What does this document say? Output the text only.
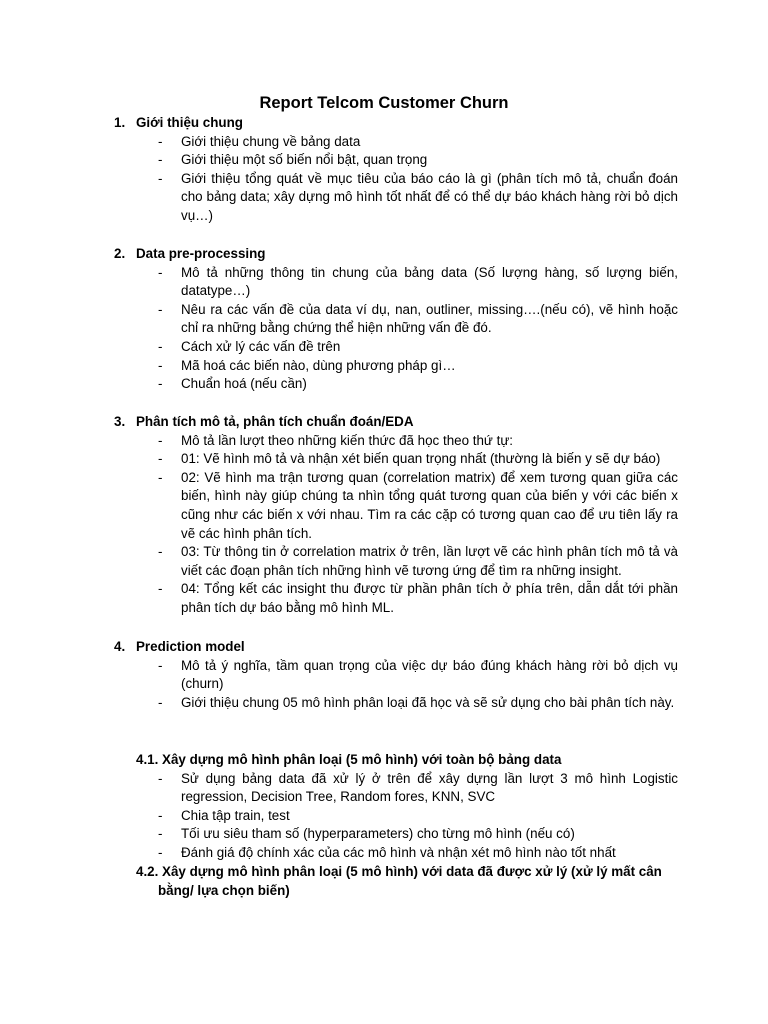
Report Telcom Customer Churn
1. Giới thiệu chung
- Giới thiệu chung về bảng data
- Giới thiệu một số biến nổi bật, quan trọng
- Giới thiệu tổng quát về mục tiêu của báo cáo là gì (phân tích mô tả, chuẩn đoán cho bảng data; xây dựng mô hình tốt nhất để có thể dự báo khách hàng rời bỏ dịch vụ…)
2. Data pre-processing
- Mô tả những thông tin chung của bảng data (Số lượng hàng, số lượng biến, datatype…)
- Nêu ra các vấn đề của data ví dụ, nan, outliner, missing….(nếu có), vẽ hình hoặc chỉ ra những bằng chứng thể hiện những vấn đề đó.
- Cách xử lý các vấn đề trên
- Mã hoá các biến nào, dùng phương pháp gì…
- Chuẩn hoá (nếu cần)
3. Phân tích mô tả, phân tích chuẩn đoán/EDA
- Mô tả lần lượt theo những kiến thức đã học theo thứ tự:
- 01: Vẽ hình mô tả và nhận xét biến quan trọng nhất (thường là biến y sẽ dự báo)
- 02: Vẽ hình ma trận tương quan (correlation matrix) để xem tương quan giữa các biến, hình này giúp chúng ta nhìn tổng quát tương quan của biến y với các biến x cũng như các biến x với nhau. Tìm ra các cặp có tương quan cao để ưu tiên lấy ra vẽ các hình phân tích.
- 03: Từ thông tin ở correlation matrix ở trên, lần lượt vẽ các hình phân tích mô tả và viết các đoạn phân tích những hình vẽ tương ứng để tìm ra những insight.
- 04: Tổng kết các insight thu được từ phần phân tích ở phía trên, dẫn dắt tới phần phân tích dự báo bằng mô hình ML.
4. Prediction model
- Mô tả ý nghĩa, tầm quan trọng của việc dự báo đúng khách hàng rời bỏ dịch vụ (churn)
- Giới thiệu chung 05 mô hình phân loại đã học và sẽ sử dụng cho bài phân tích này.
4.1. Xây dựng mô hình phân loại (5 mô hình) với toàn bộ bảng data
- Sử dụng bảng data đã xử lý ở trên để xây dựng lần lượt 3 mô hình Logistic regression, Decision Tree, Random fores, KNN, SVC
- Chia tập train, test
- Tối ưu siêu tham số (hyperparameters) cho từng mô hình (nếu có)
- Đánh giá độ chính xác của các mô hình và nhận xét mô hình nào tốt nhất
4.2. Xây dựng mô hình phân loại (5 mô hình) với data đã được xử lý (xử lý mất cân
bằng/ lựa chọn biến)
